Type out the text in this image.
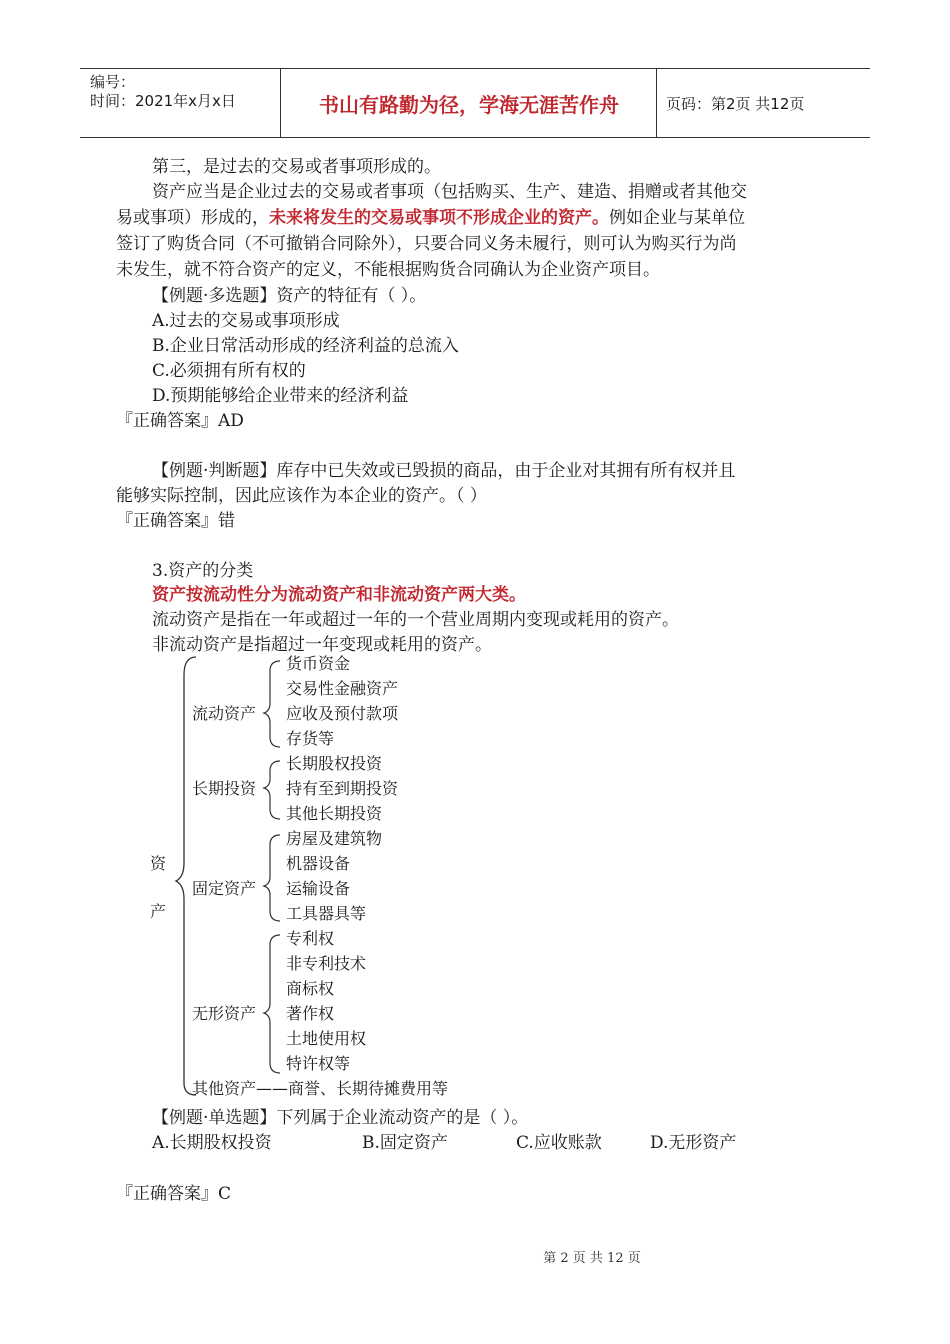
编号：
时间：2021年x月x日	书山有路勤为径，学海无涯苦作舟	页码：第2页 共12页
第三，是过去的交易或者事项形成的。
资产应当是企业过去的交易或者事项（包括购买、生产、建造、捐赠或者其他交
易或事项）形成的，未来将发生的交易或事项不形成企业的资产。例如企业与某单位
签订了购货合同（不可撤销合同除外），只要合同义务未履行，则可认为购买行为尚
未发生，就不符合资产的定义，不能根据购货合同确认为企业资产项目。
【例题·多选题】资产的特征有（ ）。
A.过去的交易或事项形成
B.企业日常活动形成的经济利益的总流入
C.必须拥有所有权的
D.预期能够给企业带来的经济利益
『正确答案』AD
【例题·判断题】库存中已失效或已毁损的商品，由于企业对其拥有所有权并且
能够实际控制，因此应该作为本企业的资产。（ ）
『正确答案』错
3.资产的分类
资产按流动性分为流动资产和非流动资产两大类。
流动资产是指在一年或超过一年的一个营业周期内变现或耗用的资产。
非流动资产是指超过一年变现或耗用的资产。
资
产
流动资产
货币资金
交易性金融资产
应收及预付款项
存货等
长期投资
长期股权投资
持有至到期投资
其他长期投资
固定资产
房屋及建筑物
机器设备
运输设备
工具器具等
无形资产
专利权
非专利技术
商标权
著作权
土地使用权
特许权等
其他资产——商誉、长期待摊费用等
【例题·单选题】下列属于企业流动资产的是（ ）。
A.长期股权投资	B.固定资产	C.应收账款	D.无形资产
『正确答案』C
第 2 页 共 12 页
